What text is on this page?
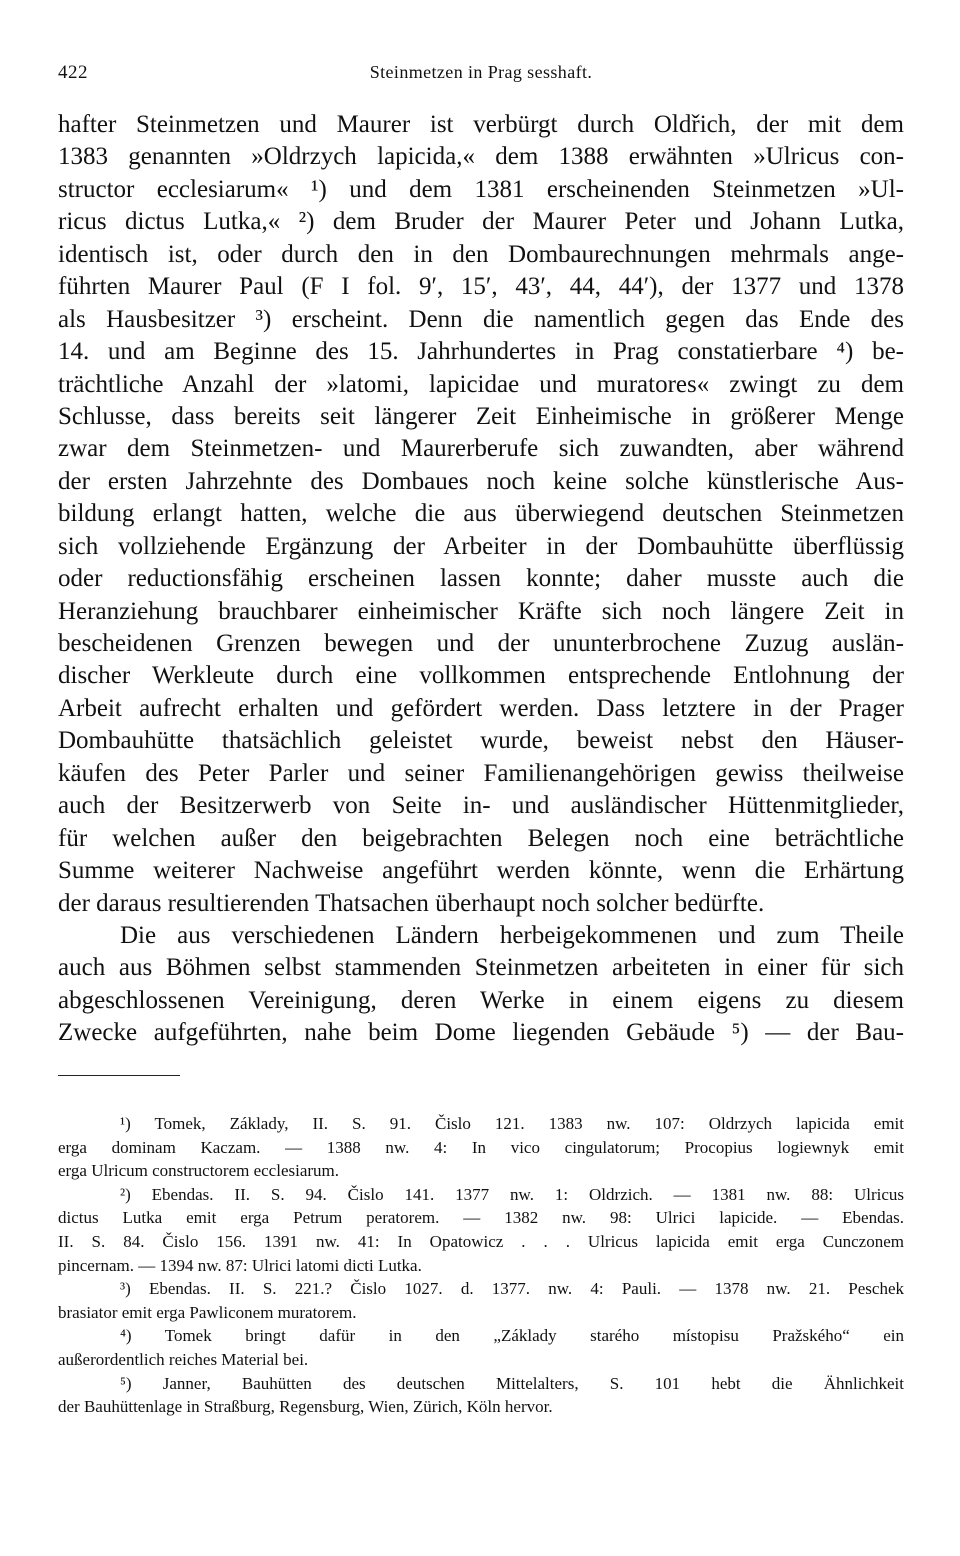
422	Steinmetzen in Prag sesshaft.
hafter Steinmetzen und Maurer ist verbürgt durch Oldřich, der mit dem
1383 genannten »Oldrzych lapicida,« dem 1388 erwähnten »Ulricus con-
structor ecclesiarum« ¹) und dem 1381 erscheinenden Steinmetzen »Ul-
ricus dictus Lutka,« ²) dem Bruder der Maurer Peter und Johann Lutka,
identisch ist, oder durch den in den Dombaurechnungen mehrmals ange-
führten Maurer Paul (F I fol. 9ʹ, 15ʹ, 43ʹ, 44, 44ʹ), der 1377 und 1378
als Hausbesitzer ³) erscheint. Denn die namentlich gegen das Ende des
14. und am Beginne des 15. Jahrhundertes in Prag constatierbare ⁴) be-
trächtliche Anzahl der »latomi, lapicidae und muratores« zwingt zu dem
Schlusse, dass bereits seit längerer Zeit Einheimische in größerer Menge
zwar dem Steinmetzen- und Maurerberufe sich zuwandten, aber während
der ersten Jahrzehnte des Dombaues noch keine solche künstlerische Aus-
bildung erlangt hatten, welche die aus überwiegend deutschen Steinmetzen
sich vollziehende Ergänzung der Arbeiter in der Dombauhütte überflüssig
oder reductionsfähig erscheinen lassen konnte; daher musste auch die
Heranziehung brauchbarer einheimischer Kräfte sich noch längere Zeit in
bescheidenen Grenzen bewegen und der ununterbrochene Zuzug auslän-
discher Werkleute durch eine vollkommen entsprechende Entlohnung der
Arbeit aufrecht erhalten und gefördert werden. Dass letztere in der Prager
Dombauhütte thatsächlich geleistet wurde, beweist nebst den Häuser-
käufen des Peter Parler und seiner Familienangehörigen gewiss theilweise
auch der Besitzerwerb von Seite in- und ausländischer Hüttenmitglieder,
für welchen außer den beigebrachten Belegen noch eine beträchtliche
Summe weiterer Nachweise angeführt werden könnte, wenn die Erhärtung
der daraus resultierenden Thatsachen überhaupt noch solcher bedürfte.
Die aus verschiedenen Ländern herbeigekommenen und zum Theile
auch aus Böhmen selbst stammenden Steinmetzen arbeiteten in einer für sich
abgeschlossenen Vereinigung, deren Werke in einem eigens zu diesem
Zwecke aufgeführten, nahe beim Dome liegenden Gebäude ⁵) — der Bau-
¹) Tomek, Základy, II. S. 91. Čislo 121. 1383 nw. 107: Oldrzych lapicida emit
erga dominam Kaczam. — 1388 nw. 4: In vico cingulatorum; Procopius logiewnyk emit
erga Ulricum constructorem ecclesiarum.
²) Ebendas. II. S. 94. Čislo 141. 1377 nw. 1: Oldrzich. — 1381 nw. 88: Ulricus
dictus Lutka emit erga Petrum peratorem. — 1382 nw. 98: Ulrici lapicide. — Ebendas.
II. S. 84. Čislo 156. 1391 nw. 41: In Opatowicz . . . Ulricus lapicida emit erga Cunczonem
pincernam. — 1394 nw. 87: Ulrici latomi dicti Lutka.
³) Ebendas. II. S. 221.? Čislo 1027. d. 1377. nw. 4: Pauli. — 1378 nw. 21. Peschek
brasiator emit erga Pawliconem muratorem.
⁴) Tomek bringt dafür in den „Základy starého místopisu Pražského“ ein
außerordentlich reiches Material bei.
⁵) Janner, Bauhütten des deutschen Mittelalters, S. 101 hebt die Ähnlichkeit
der Bauhüttenlage in Straßburg, Regensburg, Wien, Zürich, Köln hervor.
